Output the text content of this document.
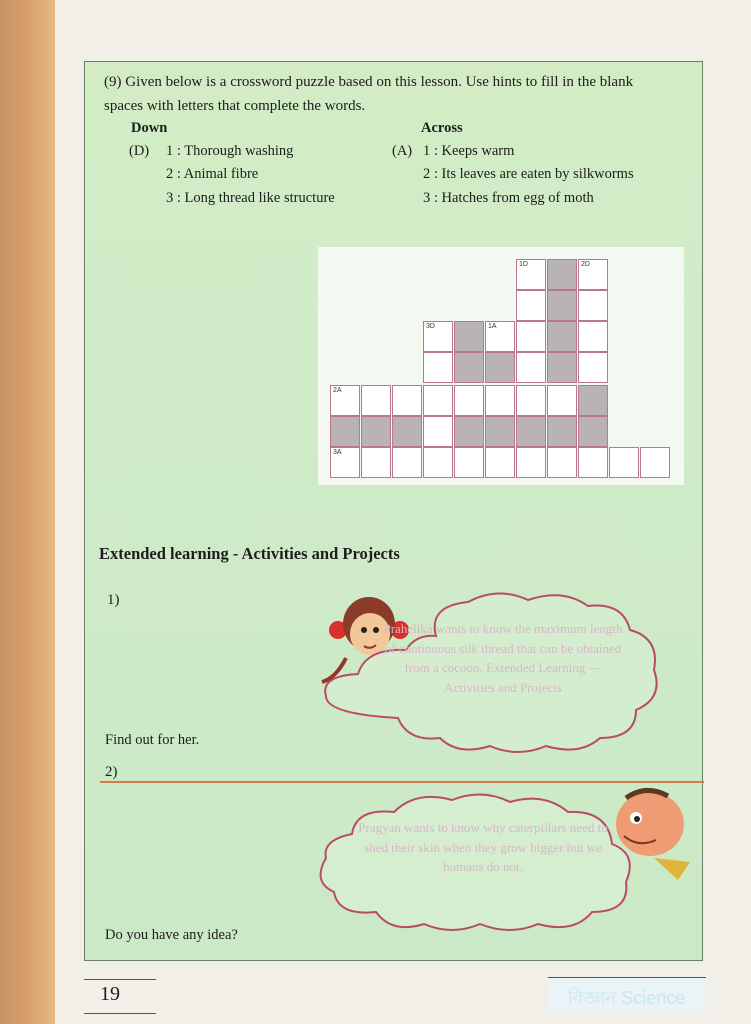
(9) Given below is a crossword puzzle based on this lesson. Use hints to fill in the blank spaces with letters that complete the words.
Down
(D) 1 : Thorough washing
2 : Animal fibre
3 : Long thread like structure
Across
(A) 1 : Keeps warm
2 : Its leaves are eaten by silkworms
3 : Hatches from egg of moth
1D	2D
3D	1A
2A
3A
Extended learning - Activities and Projects
1)
Prahelika wants to know the maximum length of continuous silk thread that can be obtained from a cocoon. Extended Learning — Activities and Projects
Find out for her.
2)
Pragyan wants to know why caterpillars need to shed their skin when they grow bigger but we humans do not.
Do you have any idea?
19	বিজ্ঞান Science
